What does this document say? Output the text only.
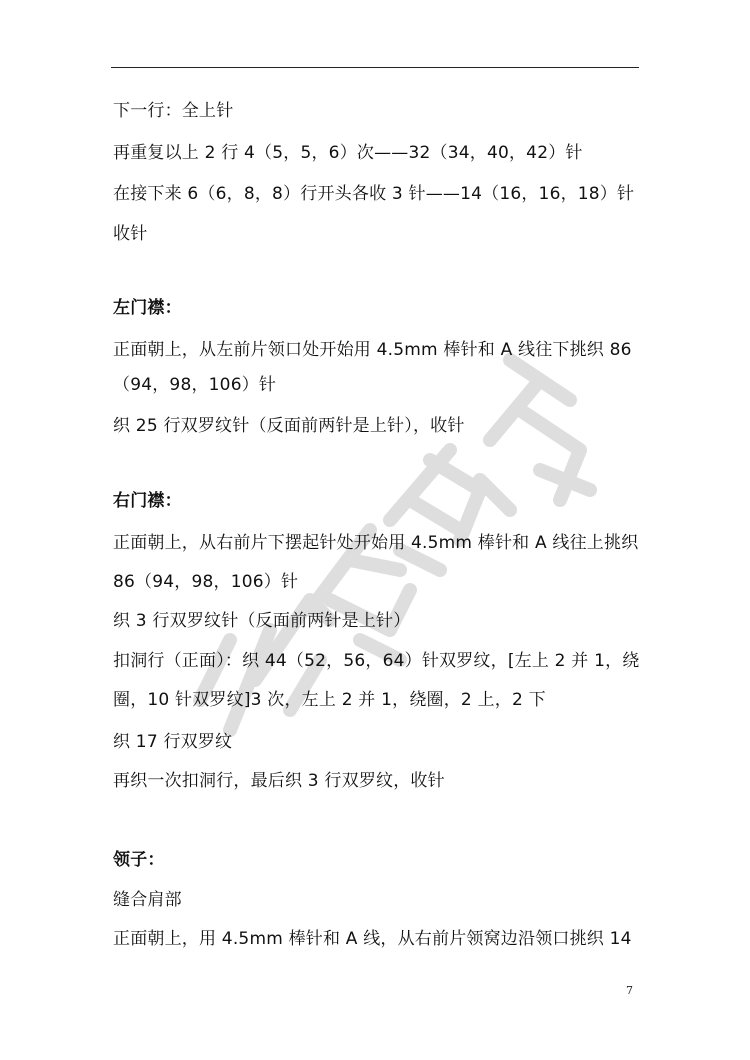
下一行：全上针
再重复以上 2 行 4（5，5，6）次——32（34，40，42）针
在接下来 6（6，8，8）行开头各收 3 针——14（16，16，18）针
收针
左门襟：
正面朝上，从左前片领口处开始用 4.5mm 棒针和 A 线往下挑织 86
（94，98，106）针
织 25 行双罗纹针（反面前两针是上针），收针
右门襟：
正面朝上，从右前片下摆起针处开始用 4.5mm 棒针和 A 线往上挑织
86（94，98，106）针
织 3 行双罗纹针（反面前两针是上针）
扣洞行（正面）：织 44（52，56，64）针双罗纹，[左上 2 并 1，绕
圈，10 针双罗纹]3 次，左上 2 并 1，绕圈，2 上，2 下
织 17 行双罗纹
再织一次扣洞行，最后织 3 行双罗纹，收针
领子：
缝合肩部
正面朝上，用 4.5mm 棒针和 A 线，从右前片领窝边沿领口挑织 14
7
